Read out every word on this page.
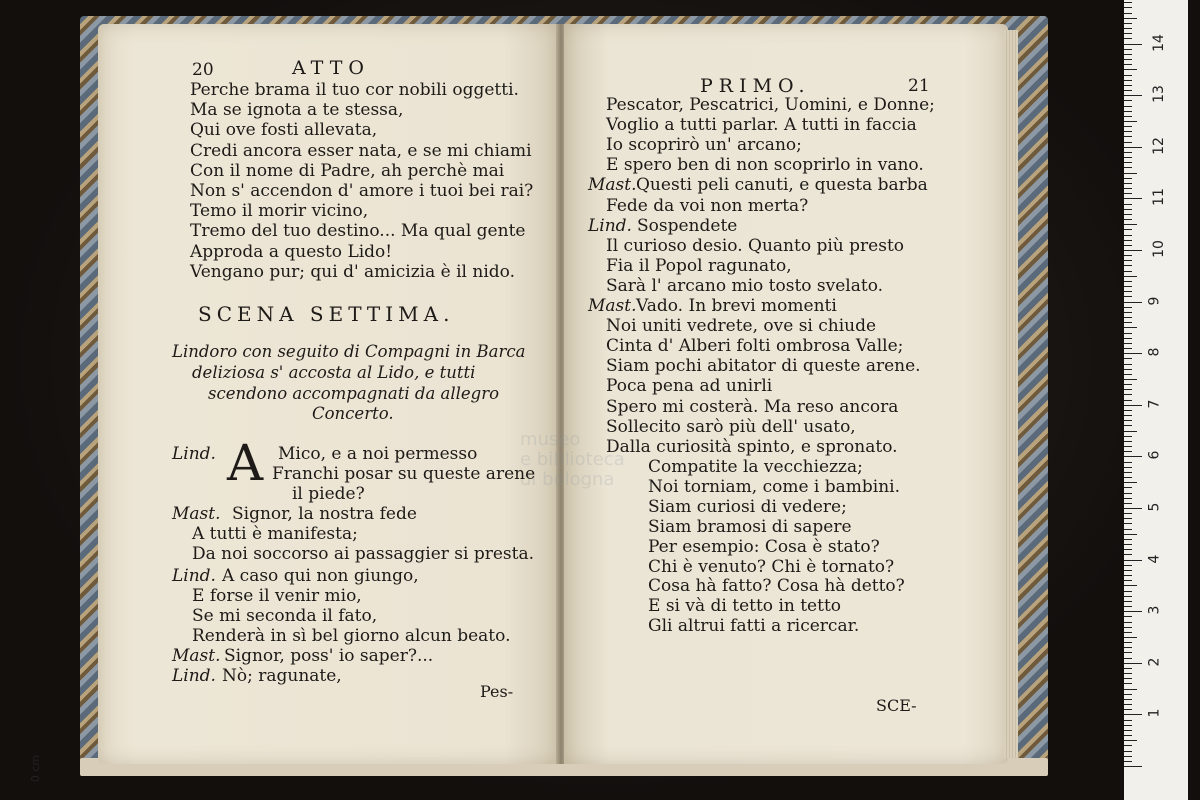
museo
e biblioteca
di bologna
20	ATTO
Perche brama il tuo cor nobili oggetti.
Ma se ignota a te stessa,
Qui ove fosti allevata,
Credi ancora esser nata, e se mi chiami
Con il nome di Padre, ah perchè mai
Non s' accendon d' amore i tuoi bei rai?
Temo il morir vicino,
Tremo del tuo destino... Ma qual gente
Approda a questo Lido!
Vengano pur; qui d' amicizia è il nido.
SCENA SETTIMA.
Lindoro con seguito di Compagni in Barca
deliziosa s' accosta al Lido, e tutti
scendono accompagnati da allegro
Concerto.
A
Lind.	Mico, e a noi permesso
Franchi posar su queste arene
il piede?
Mast. Signor, la nostra fede
A tutti è manifesta;
Da noi soccorso ai passaggier si presta.
Lind. A caso qui non giungo,
E forse il venir mio,
Se mi seconda il fato,
Renderà in sì bel giorno alcun beato.
Mast. Signor, poss' io saper?...
Lind. Nò; ragunate,
Pes-
PRIMO.	21
Pescator, Pescatrici, Uomini, e Donne;
Voglio a tutti parlar. A tutti in faccia
Io scoprirò un' arcano;
E spero ben di non scoprirlo in vano.
Mast. Questi peli canuti, e questa barba
Fede da voi non merta?
Lind. Sospendete
Il curioso desio. Quanto più presto
Fia il Popol ragunato,
Sarà l' arcano mio tosto svelato.
Mast. Vado. In brevi momenti
Noi uniti vedrete, ove si chiude
Cinta d' Alberi folti ombrosa Valle;
Siam pochi abitator di queste arene.
Poca pena ad unirli
Spero mi costerà. Ma reso ancora
Sollecito sarò più dell' usato,
Dalla curiosità spinto, e spronato.
Compatite la vecchiezza;
Noi torniam, come i bambini.
Siam curiosi di vedere;
Siam bramosi di sapere
Per esempio: Cosa è stato?
Chi è venuto? Chi è tornato?
Cosa hà fatto? Cosa hà detto?
E si và di tetto in tetto
Gli altrui fatti a ricercar.
SCE-
0 cm
14
13
12
11
10
9
8
7
6
5
4
3
2
1
